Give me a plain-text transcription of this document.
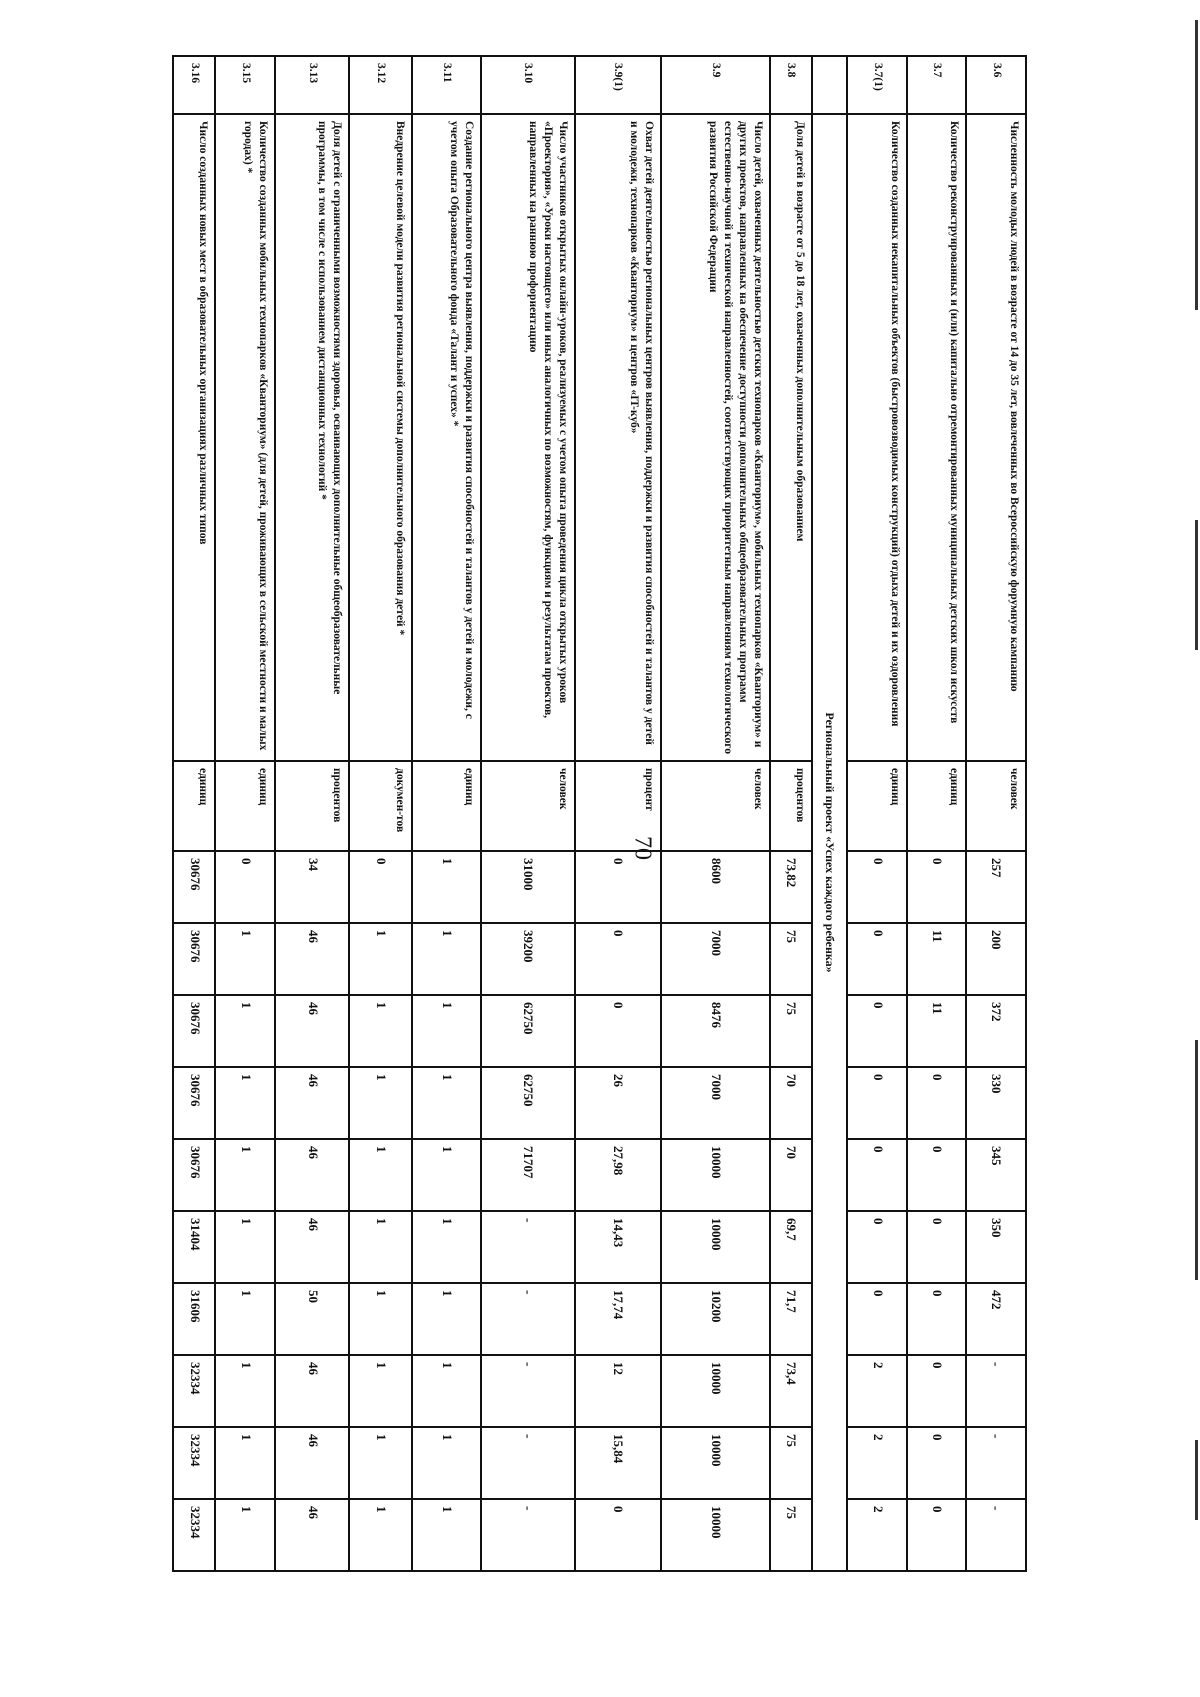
70
3.6	Численность молодых людей в возрасте от 14 до 35 лет, вовлеченных во Всероссийскую форумную кампанию	человек	257	200	372	330	345	350	472	-	-	-
3.7	Количество реконструированных и (или) капитально отремонтированных муниципальных детских школ искусств	единиц	0	11	11	0	0	0	0	0	0	0
3.7(1)	Количество созданных некапитальных объектов (быстровозводимых конструкций) отдыха детей и их оздоровления	единиц	0	0	0	0	0	0	0	2	2	2
	Региональный проект «Успех каждого ребенка»											
3.8	Доля детей в возрасте от 5 до 18 лет, охваченных дополнительным образованием	процентов	73,82	75	75	70	70	69,7	71,7	73,4	75	75
3.9	Число детей, охваченных деятельностью детских технопарков «Кванториум», мобильных технопарков «Кванториум» и других проектов, направленных на обеспечение доступности дополнительных общеобразовательных программ естественно-научной и технической направленностей, соответствующих приоритетным направлениям технологического развития Российской Федерации	человек	8600	7000	8476	7000	10000	10000	10200	10000	10000	10000
3.9(1)	Охват детей деятельностью региональных центров выявления, поддержки и развития способностей и талантов у детей и молодежи, технопарков «Кванториум» и центров «IT-куб»	процент	0	0	0	26	27,98	14,43	17,74	12	15,84	0
3.10	Число участников открытых онлайн-уроков, реализуемых с учетом опыта проведения цикла открытых уроков «Проектория», «Уроки настоящего» или иных аналогичных по возможностям, функциям и результатам проектов, направленных на раннюю профориентацию	человек	31000	39200	62750	62750	71707	-	-	-	-	-
3.11	Создание регионального центра выявления, поддержки и развития способностей и талантов у детей и молодежи, с учетом опыта Образовательного фонда «Талант и успех» *	единиц	1	1	1	1	1	1	1	1	1	1
3.12	Внедрение целевой модели развития региональной системы дополнительного образования детей *	докумен-тов	0	1	1	1	1	1	1	1	1	1
3.13	Доля детей с ограниченными возможностями здоровья, осваивающих дополнительные общеобразовательные программы, в том числе с использованием дистанционных технологий *	процентов	34	46	46	46	46	46	50	46	46	46
3.15	Количество созданных мобильных технопарков «Кванториум» (для детей, проживающих в сельской местности и малых городах) *	единиц	0	1	1	1	1	1	1	1	1	1
3.16	Число созданных новых мест в образовательных организациях различных типов	единиц	30676	30676	30676	30676	30676	31404	31606	32334	32334	32334
